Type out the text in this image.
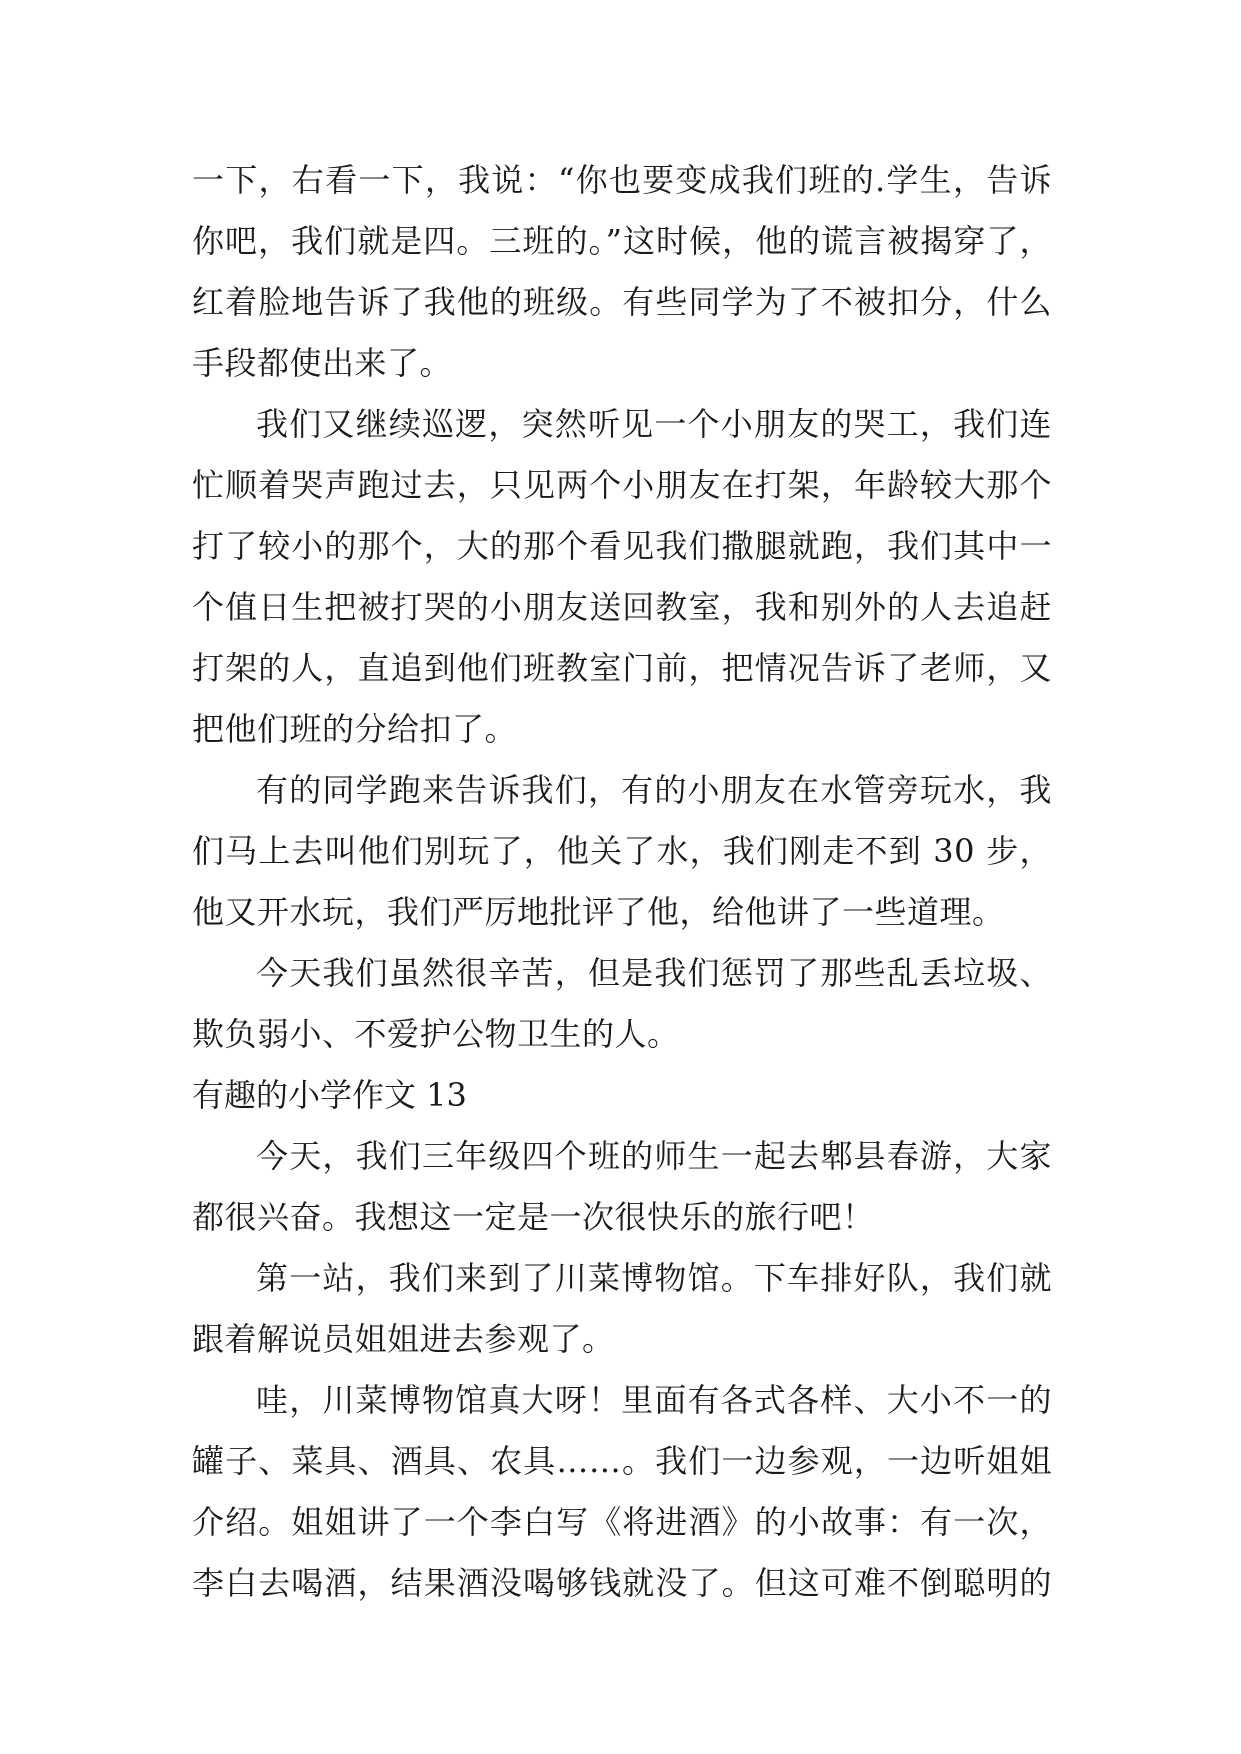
一下，右看一下，我说：“你也要变成我们班的.学生，告诉
你吧，我们就是四。三班的。”这时候，他的谎言被揭穿了，
红着脸地告诉了我他的班级。有些同学为了不被扣分，什么
手段都使出来了。
我们又继续巡逻，突然听见一个小朋友的哭工，我们连
忙顺着哭声跑过去，只见两个小朋友在打架，年龄较大那个
打了较小的那个，大的那个看见我们撒腿就跑，我们其中一
个值日生把被打哭的小朋友送回教室，我和别外的人去追赶
打架的人，直追到他们班教室门前，把情况告诉了老师，又
把他们班的分给扣了。
有的同学跑来告诉我们，有的小朋友在水管旁玩水，我
们马上去叫他们别玩了，他关了水，我们刚走不到 30 步，
他又开水玩，我们严厉地批评了他，给他讲了一些道理。
今天我们虽然很辛苦，但是我们惩罚了那些乱丢垃圾、
欺负弱小、不爱护公物卫生的人。
有趣的小学作文 13
今天，我们三年级四个班的师生一起去郫县春游，大家
都很兴奋。我想这一定是一次很快乐的旅行吧！
第一站，我们来到了川菜博物馆。下车排好队，我们就
跟着解说员姐姐进去参观了。
哇，川菜博物馆真大呀！里面有各式各样、大小不一的
罐子、菜具、酒具、农具……。我们一边参观，一边听姐姐
介绍。姐姐讲了一个李白写《将进酒》的小故事：有一次，
李白去喝酒，结果酒没喝够钱就没了。但这可难不倒聪明的
